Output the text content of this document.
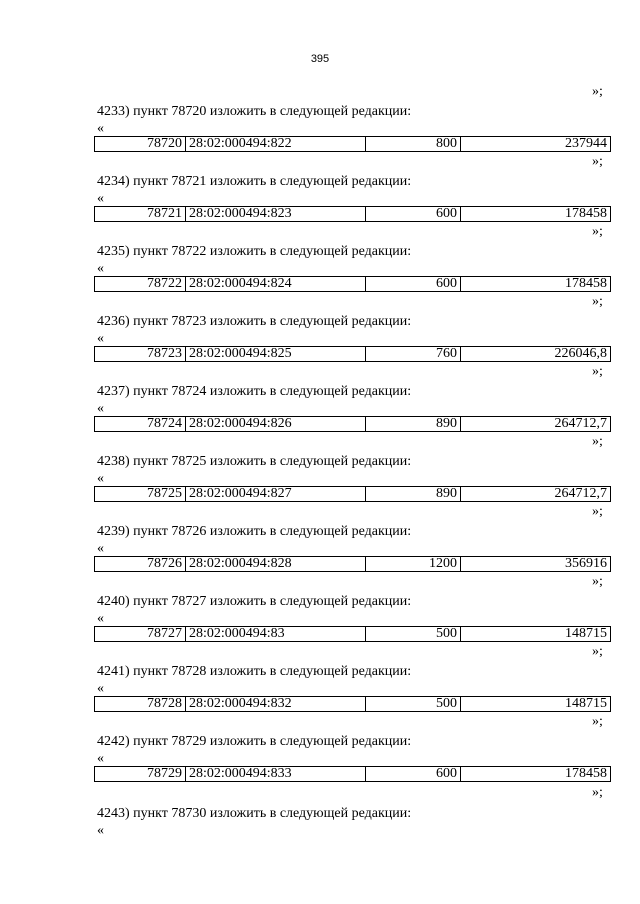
395
»;
4233) пункт 78720 изложить в следующей редакции:
«
78720 28:02:000494:822	800	237944
»;
4234) пункт 78721 изложить в следующей редакции:
«
78721 28:02:000494:823	600	178458
»;
4235) пункт 78722 изложить в следующей редакции:
«
78722 28:02:000494:824	600	178458
»;
4236) пункт 78723 изложить в следующей редакции:
«
78723 28:02:000494:825	760	226046,8
»;
4237) пункт 78724 изложить в следующей редакции:
«
78724 28:02:000494:826	890	264712,7
»;
4238) пункт 78725 изложить в следующей редакции:
«
78725 28:02:000494:827	890	264712,7
»;
4239) пункт 78726 изложить в следующей редакции:
«
78726 28:02:000494:828	1200	356916
»;
4240) пункт 78727 изложить в следующей редакции:
«
78727 28:02:000494:83	500	148715
»;
4241) пункт 78728 изложить в следующей редакции:
«
78728 28:02:000494:832	500	148715
»;
4242) пункт 78729 изложить в следующей редакции:
«
78729 28:02:000494:833	600	178458
»;
4243) пункт 78730 изложить в следующей редакции:
«
